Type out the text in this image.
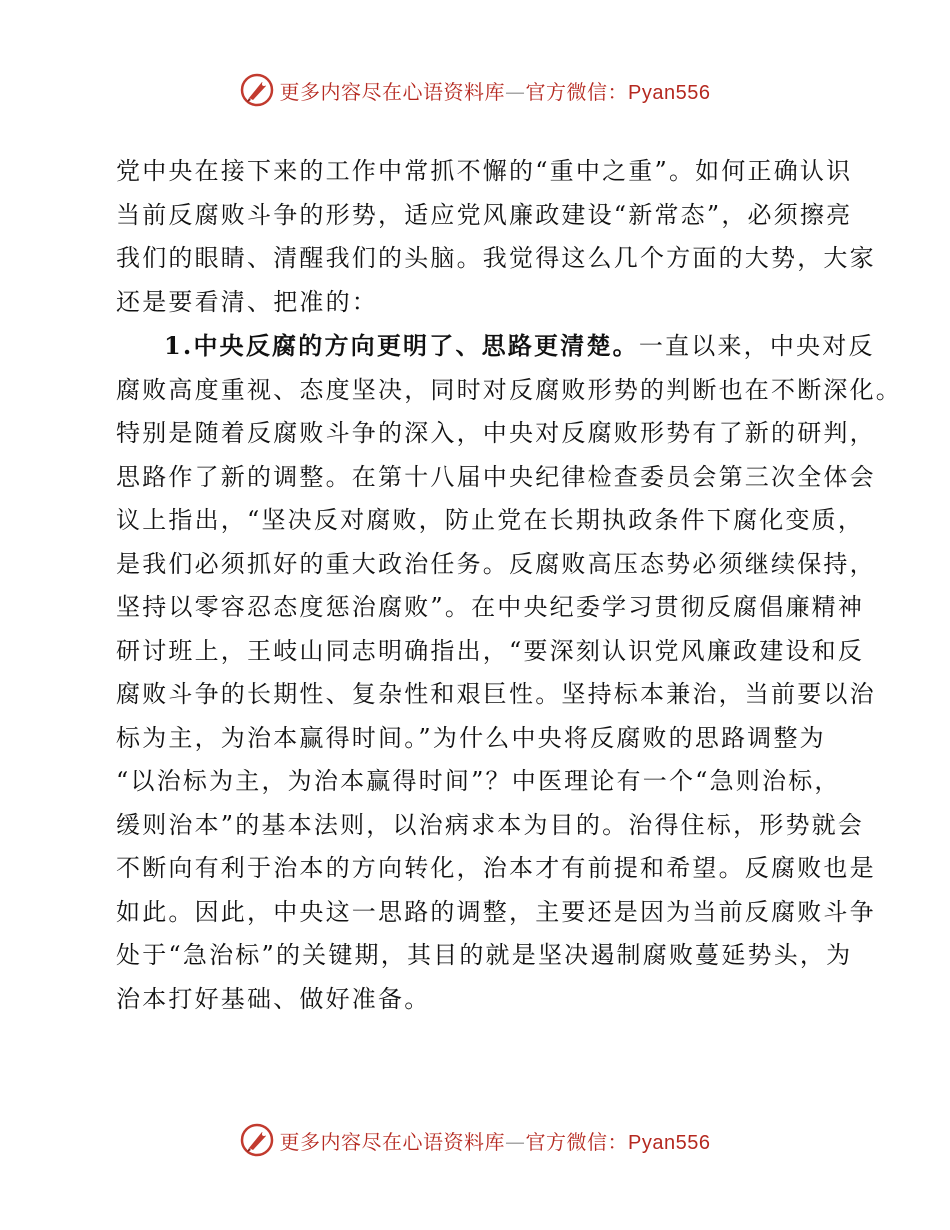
更多内容尽在心语资料库—官方微信：Pyan556
党中央在接下来的工作中常抓不懈的“重中之重”。如何正确认识
当前反腐败斗争的形势，适应党风廉政建设“新常态”，必须擦亮
我们的眼睛、清醒我们的头脑。我觉得这么几个方面的大势，大家
还是要看清、把准的：
1.中央反腐的方向更明了、思路更清楚。一直以来，中央对反
腐败高度重视、态度坚决，同时对反腐败形势的判断也在不断深化。
特别是随着反腐败斗争的深入，中央对反腐败形势有了新的研判，
思路作了新的调整。在第十八届中央纪律检查委员会第三次全体会
议上指出，“坚决反对腐败，防止党在长期执政条件下腐化变质，
是我们必须抓好的重大政治任务。反腐败高压态势必须继续保持，
坚持以零容忍态度惩治腐败”。在中央纪委学习贯彻反腐倡廉精神
研讨班上，王岐山同志明确指出，“要深刻认识党风廉政建设和反
腐败斗争的长期性、复杂性和艰巨性。坚持标本兼治，当前要以治
标为主，为治本赢得时间。”为什么中央将反腐败的思路调整为
“以治标为主，为治本赢得时间”？中医理论有一个“急则治标，
缓则治本”的基本法则，以治病求本为目的。治得住标，形势就会
不断向有利于治本的方向转化，治本才有前提和希望。反腐败也是
如此。因此，中央这一思路的调整，主要还是因为当前反腐败斗争
处于“急治标”的关键期，其目的就是坚决遏制腐败蔓延势头，为
治本打好基础、做好准备。
更多内容尽在心语资料库—官方微信：Pyan556
